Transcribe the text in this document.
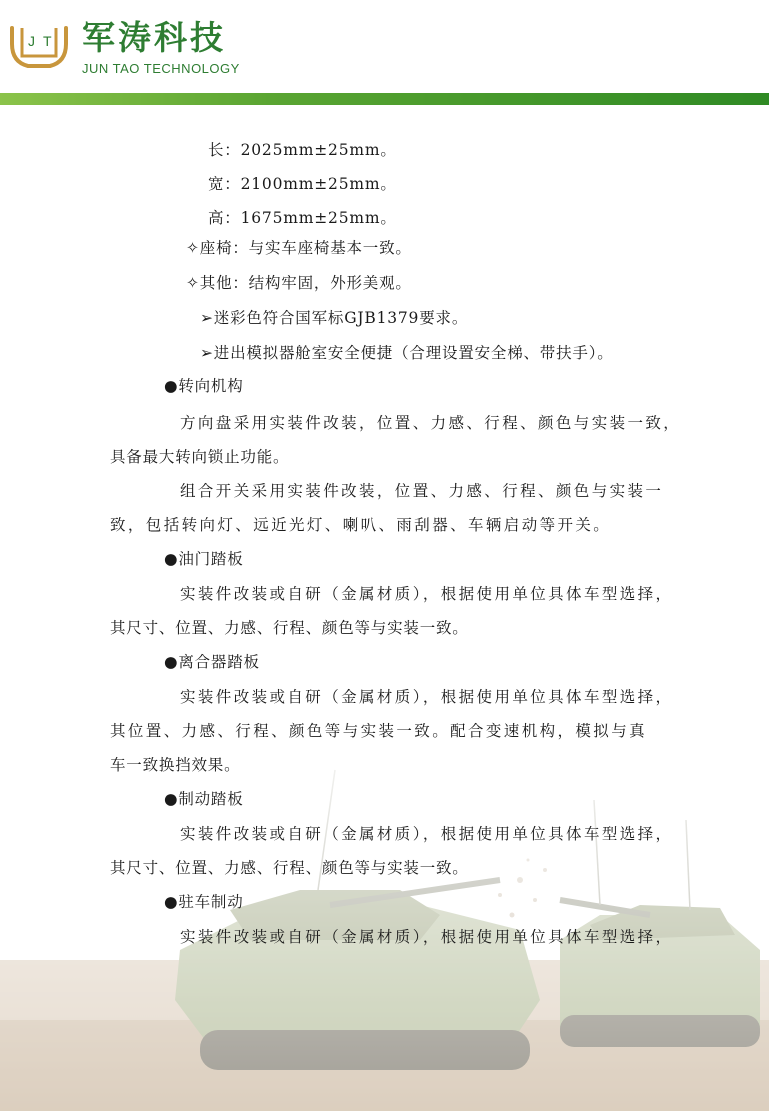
J T 军涛科技
JUN TAO TECHNOLOGY
长：2025mm±25mm。
宽：2100mm±25mm。
高：1675mm±25mm。
✧座椅：与实车座椅基本一致。
✧其他：结构牢固，外形美观。
➢迷彩色符合国军标GJB1379要求。
➢进出模拟器舱室安全便捷（合理设置安全梯、带扶手）。
●转向机构
方向盘采用实装件改装，位置、力感、行程、颜色与实装一致，
具备最大转向锁止功能。
组合开关采用实装件改装，位置、力感、行程、颜色与实装一
致，包括转向灯、远近光灯、喇叭、雨刮器、车辆启动等开关。
●油门踏板
实装件改装或自研（金属材质），根据使用单位具体车型选择，
其尺寸、位置、力感、行程、颜色等与实装一致。
●离合器踏板
实装件改装或自研（金属材质），根据使用单位具体车型选择，
其位置、力感、行程、颜色等与实装一致。配合变速机构，模拟与真
车一致换挡效果。
●制动踏板
实装件改装或自研（金属材质），根据使用单位具体车型选择，
其尺寸、位置、力感、行程、颜色等与实装一致。
●驻车制动
实装件改装或自研（金属材质），根据使用单位具体车型选择，
